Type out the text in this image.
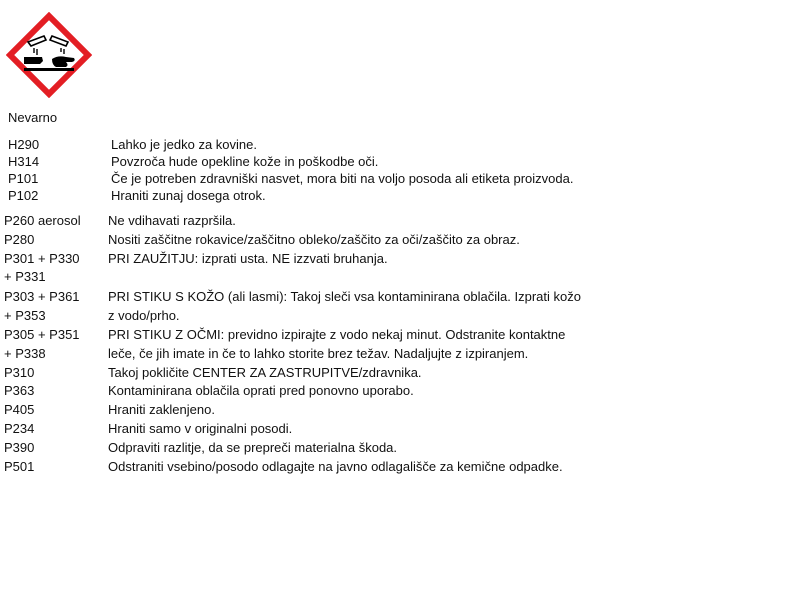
Nevarno
H290	Lahko je jedko za kovine.
H314	Povzroča hude opekline kože in poškodbe oči.
P101	Če je potreben zdravniški nasvet, mora biti na voljo posoda ali etiketa proizvoda.
P102	Hraniti zunaj dosega otrok.
P260 aerosol Ne vdihavati razpršila.
P280	Nositi zaščitne rokavice/zaščitno obleko/zaščito za oči/zaščito za obraz.
P301 + P330 PRI ZAUŽITJU: izprati usta. NE izzvati bruhanja.
+ P331
P303 + P361 PRI STIKU S KOŽO (ali lasmi): Takoj sleči vsa kontaminirana oblačila. Izprati kožo
+ P353	z vodo/prho.
P305 + P351 PRI STIKU Z OČMI: previdno izpirajte z vodo nekaj minut. Odstranite kontaktne
+ P338	leče, če jih imate in če to lahko storite brez težav. Nadaljujte z izpiranjem.
P310	Takoj pokličite CENTER ZA ZASTRUPITVE/zdravnika.
P363	Kontaminirana oblačila oprati pred ponovno uporabo.
P405	Hraniti zaklenjeno.
P234	Hraniti samo v originalni posodi.
P390	Odpraviti razlitje, da se prepreči materialna škoda.
P501	Odstraniti vsebino/posodo odlagajte na javno odlagališče za kemične odpadke.
